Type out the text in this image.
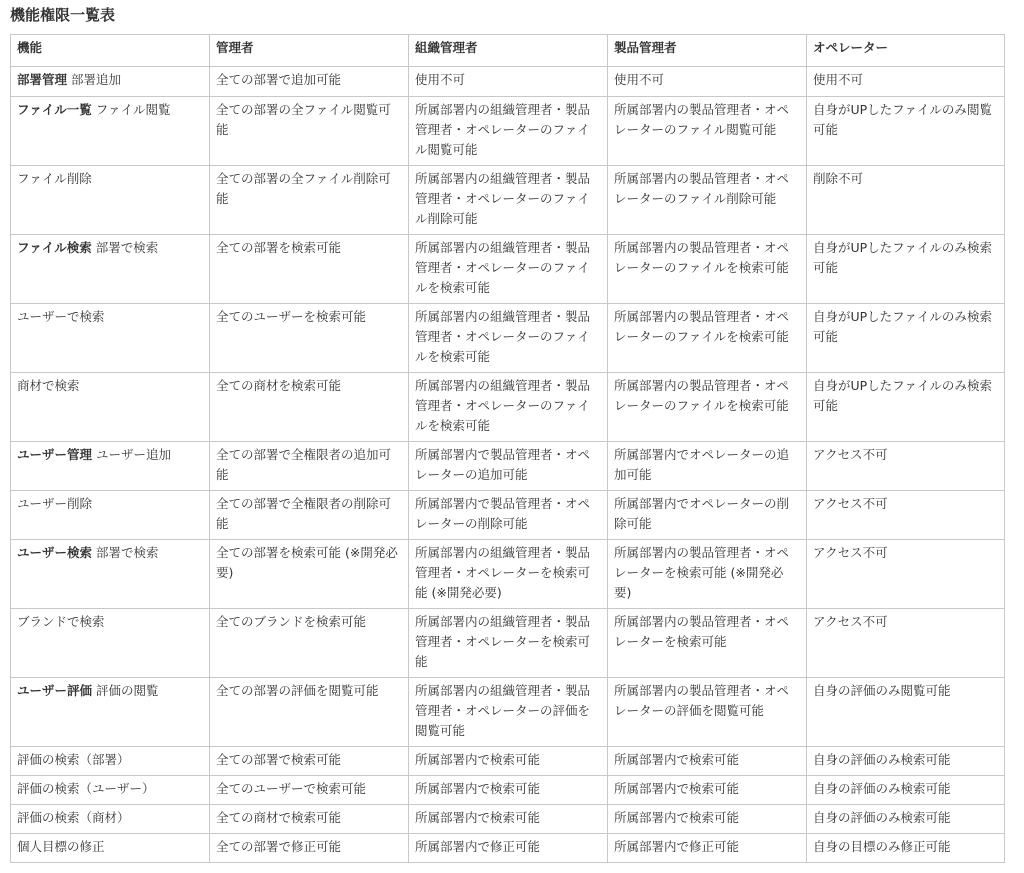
機能権限一覧表
機能	管理者	組織管理者	製品管理者	オペレーター
部署管理 部署追加	全ての部署で追加可能	使用不可	使用不可	使用不可
ファイル一覧 ファイル閲覧	全ての部署の全ファイル閲覧可能	所属部署内の組織管理者・製品管理者・オペレーターのファイル閲覧可能	所属部署内の製品管理者・オペレーターのファイル閲覧可能	自身がUPしたファイルのみ閲覧可能
ファイル削除	全ての部署の全ファイル削除可能	所属部署内の組織管理者・製品管理者・オペレーターのファイル削除可能	所属部署内の製品管理者・オペレーターのファイル削除可能	削除不可
ファイル検索 部署で検索	全ての部署を検索可能	所属部署内の組織管理者・製品管理者・オペレーターのファイルを検索可能	所属部署内の製品管理者・オペレーターのファイルを検索可能	自身がUPしたファイルのみ検索可能
ユーザーで検索	全てのユーザーを検索可能	所属部署内の組織管理者・製品管理者・オペレーターのファイルを検索可能	所属部署内の製品管理者・オペレーターのファイルを検索可能	自身がUPしたファイルのみ検索可能
商材で検索	全ての商材を検索可能	所属部署内の組織管理者・製品管理者・オペレーターのファイルを検索可能	所属部署内の製品管理者・オペレーターのファイルを検索可能	自身がUPしたファイルのみ検索可能
ユーザー管理 ユーザー追加	全ての部署で全権限者の追加可能	所属部署内で製品管理者・オペレーターの追加可能	所属部署内でオペレーターの追加可能	アクセス不可
ユーザー削除	全ての部署で全権限者の削除可能	所属部署内で製品管理者・オペレーターの削除可能	所属部署内でオペレーターの削除可能	アクセス不可
ユーザー検索 部署で検索	全ての部署を検索可能 (※開発必要)	所属部署内の組織管理者・製品管理者・オペレーターを検索可能 (※開発必要)	所属部署内の製品管理者・オペレーターを検索可能 (※開発必要)	アクセス不可
ブランドで検索	全てのブランドを検索可能	所属部署内の組織管理者・製品管理者・オペレーターを検索可能	所属部署内の製品管理者・オペレーターを検索可能	アクセス不可
ユーザー評価 評価の閲覧	全ての部署の評価を閲覧可能	所属部署内の組織管理者・製品管理者・オペレーターの評価を閲覧可能	所属部署内の製品管理者・オペレーターの評価を閲覧可能	自身の評価のみ閲覧可能
評価の検索（部署）	全ての部署で検索可能	所属部署内で検索可能	所属部署内で検索可能	自身の評価のみ検索可能
評価の検索（ユーザー）	全てのユーザーで検索可能	所属部署内で検索可能	所属部署内で検索可能	自身の評価のみ検索可能
評価の検索（商材）	全ての商材で検索可能	所属部署内で検索可能	所属部署内で検索可能	自身の評価のみ検索可能
個人目標の修正	全ての部署で修正可能	所属部署内で修正可能	所属部署内で修正可能	自身の目標のみ修正可能
